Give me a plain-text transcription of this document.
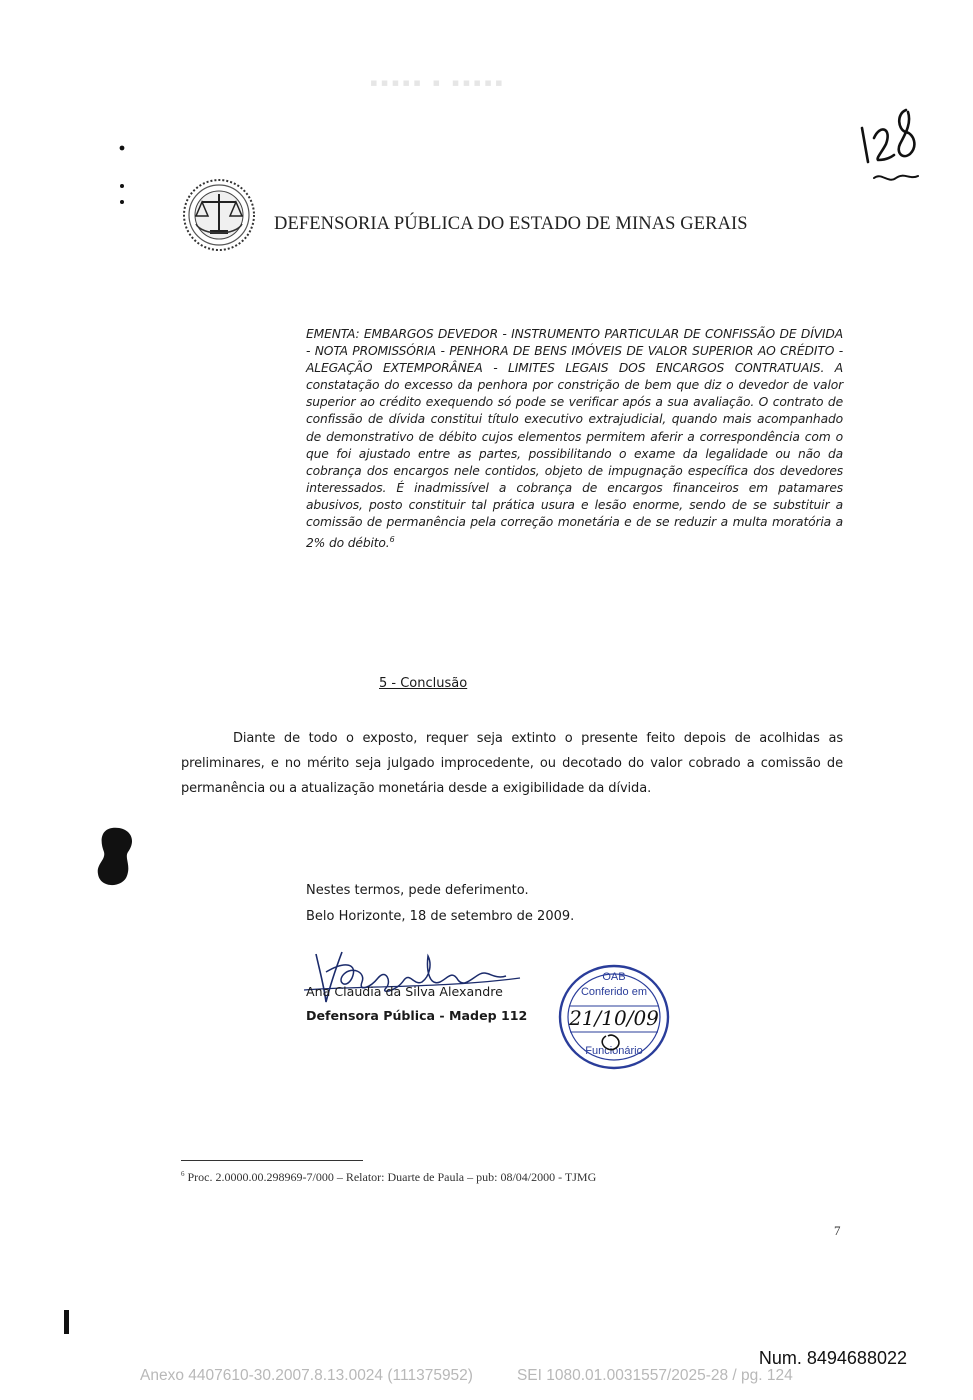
▪▪▪▪▪ ▪ ▪▪▪▪▪	128
DEFENSORIA PÚBLICA DO ESTADO DE MINAS GERAIS
EMENTA: EMBARGOS DEVEDOR - INSTRUMENTO PARTICULAR DE CONFISSÃO DE DÍVIDA - NOTA PROMISSÓRIA - PENHORA DE BENS IMÓVEIS DE VALOR SUPERIOR AO CRÉDITO - ALEGAÇÃO EXTEMPORÂNEA - LIMITES LEGAIS DOS ENCARGOS CONTRATUAIS. A constatação do excesso da penhora por constrição de bem que diz o devedor de valor superior ao crédito exequendo só pode se verificar após a sua avaliação. O contrato de confissão de dívida constitui título executivo extrajudicial, quando mais acompanhado de demonstrativo de débito cujos elementos permitem aferir a correspondência com o que foi ajustado entre as partes, possibilitando o exame da legalidade ou não da cobrança dos encargos nele contidos, objeto de impugnação específica dos devedores interessados. É inadmissível a cobrança de encargos financeiros em patamares abusivos, posto constituir tal prática usura e lesão enorme, sendo de se substituir a comissão de permanência pela correção monetária e de se reduzir a multa moratória a 2% do débito.$^6$
5 - Conclusão
Diante de todo o exposto, requer seja extinto o presente feito depois de acolhidas as preliminares, e no mérito seja julgado improcedente, ou decotado do valor cobrado a comissão de permanência ou a atualização monetária desde a exigibilidade da dívida.
Nestes termos, pede deferimento.
Belo Horizonte, 18 de setembro de 2009.
Ana Claudia da Silva Alexandre
Defensora Pública - Madep 112
OAB
Conferido em
21/10/09
Funcionário
$^6$ Proc. 2.0000.00.298969-7/000 – Relator: Duarte de Paula – pub: 08/04/2000 - TJMG
7
Num. 8494688022
Anexo 4407610-30.2007.8.13.0024 (111375952)	SEI 1080.01.0031557/2025-28 / pg. 124
